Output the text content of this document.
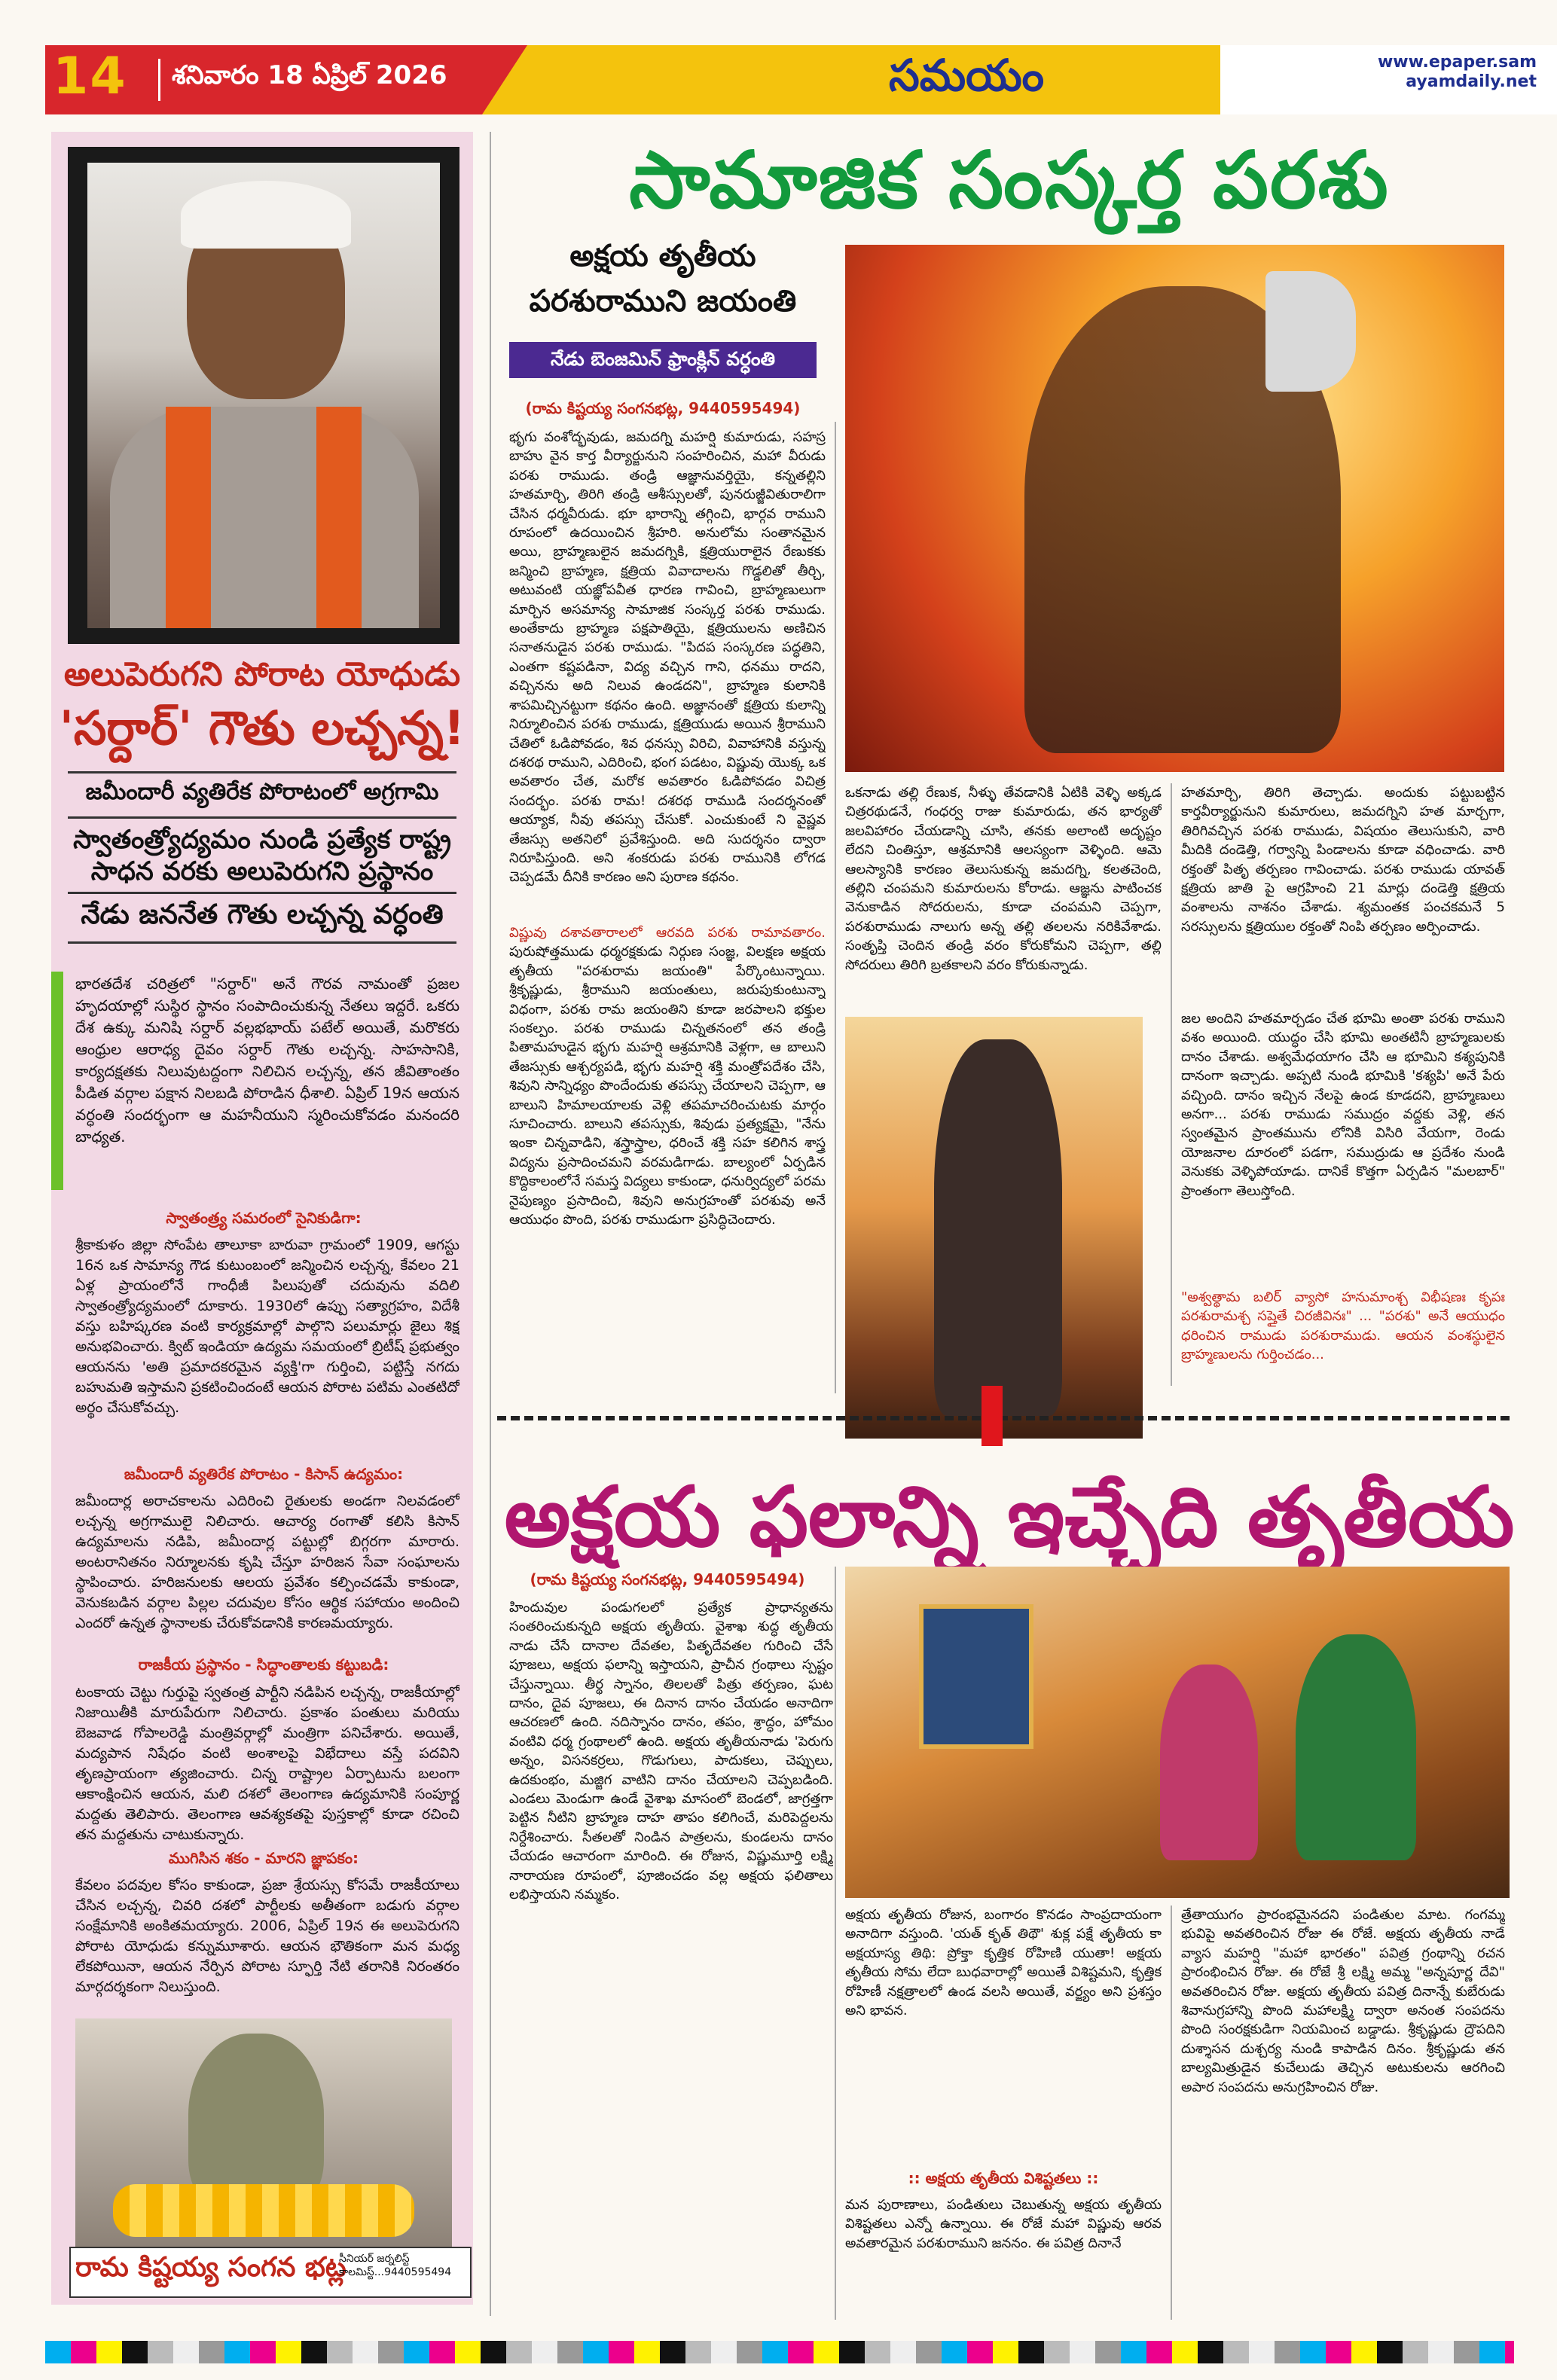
14 శనివారం 18 ఏప్రిల్ 2026	సమయం	www.epaper.sam
ayamdaily.net
అలుపెరుగని పోరాట యోధుడు
'సర్దార్' గౌతు లచ్చన్న!
జమీందారీ వ్యతిరేక పోరాటంలో అగ్రగామి
స్వాతంత్ర్యోద్యమం నుండి ప్రత్యేక రాష్ట్ర సాధన వరకు అలుపెరుగని ప్రస్థానం
నేడు జననేత గౌతు లచ్చన్న వర్ధంతి
భారతదేశ చరిత్రలో "సర్దార్" అనే గౌరవ నామంతో ప్రజల హృదయాల్లో సుస్థిర స్థానం సంపాదించుకున్న నేతలు ఇద్దరే. ఒకరు దేశ ఉక్కు మనిషి సర్దార్ వల్లభభాయ్ పటేల్ అయితే, మరొకరు ఆంధ్రుల ఆరాధ్య దైవం సర్దార్ గౌతు లచ్చన్న. సాహసానికి, కార్యదక్షతకు నిలువుటద్దంగా నిలిచిన లచ్చన్న, తన జీవితాంతం పీడిత వర్గాల పక్షాన నిలబడి పోరాడిన ధీశాలి. ఏప్రిల్ 19న ఆయన వర్ధంతి సందర్భంగా ఆ మహనీయుని స్మరించుకోవడం మనందరి బాధ్యత.
స్వాతంత్ర్య సమరంలో సైనికుడిగా:
శ్రీకాకుళం జిల్లా సోంపేట తాలూకా బారువా గ్రామంలో 1909, ఆగస్టు 16న ఒక సామాన్య గౌడ కుటుంబంలో జన్మించిన లచ్చన్న, కేవలం 21 ఏళ్ల ప్రాయంలోనే గాంధీజీ పిలుపుతో చదువును వదిలి స్వాతంత్ర్యోద్యమంలో దూకారు. 1930లో ఉప్పు సత్యాగ్రహం, విదేశీ వస్తు బహిష్కరణ వంటి కార్యక్రమాల్లో పాల్గొని పలుమార్లు జైలు శిక్ష అనుభవించారు. క్విట్ ఇండియా ఉద్యమ సమయంలో బ్రిటీష్ ప్రభుత్వం ఆయనను 'అతి ప్రమాదకరమైన వ్యక్తి'గా గుర్తించి, పట్టిస్తే నగదు బహుమతి ఇస్తామని ప్రకటించిందంటే ఆయన పోరాట పటిమ ఎంతటిదో అర్థం చేసుకోవచ్చు.
జమీందారీ వ్యతిరేక పోరాటం - కిసాన్ ఉద్యమం:
జమీందార్ల అరాచకాలను ఎదిరించి రైతులకు అండగా నిలవడంలో లచ్చన్న అగ్రగాములై నిలిచారు. ఆచార్య రంగాతో కలిసి కిసాన్ ఉద్యమాలను నడిపి, జమీందార్ల పట్టుల్లో బిగ్గరగా మారారు. అంటరానితనం నిర్మూలనకు కృషి చేస్తూ హరిజన సేవా సంఘాలను స్థాపించారు. హరిజనులకు ఆలయ ప్రవేశం కల్పించడమే కాకుండా, వెనుకబడిన వర్గాల పిల్లల చదువుల కోసం ఆర్థిక సహాయం అందించి ఎందరో ఉన్నత స్థానాలకు చేరుకోవడానికి కారణమయ్యారు.
రాజకీయ ప్రస్థానం - సిద్ధాంతాలకు కట్టుబడి:
టంకాయ చెట్టు గుర్తుపై స్వతంత్ర పార్టీని నడిపిన లచ్చన్న, రాజకీయాల్లో నిజాయితీకి మారుపేరుగా నిలిచారు. ప్రకాశం పంతులు మరియు బెజవాడ గోపాలరెడ్డి మంత్రివర్గాల్లో మంత్రిగా పనిచేశారు. అయితే, మద్యపాన నిషేధం వంటి అంశాలపై విభేదాలు వస్తే పదవిని తృణప్రాయంగా త్యజించారు. చిన్న రాష్ట్రాల ఏర్పాటును బలంగా ఆకాంక్షించిన ఆయన, మలి దశలో తెలంగాణ ఉద్యమానికి సంపూర్ణ మద్దతు తెలిపారు. తెలంగాణ ఆవశ్యకతపై పుస్తకాల్లో కూడా రచించి తన మద్దతును చాటుకున్నారు.
ముగిసిన శకం - మారని జ్ఞాపకం:
కేవలం పదవుల కోసం కాకుండా, ప్రజా శ్రేయస్సు కోసమే రాజకీయాలు చేసిన లచ్చన్న, చివరి దశలో పార్టీలకు అతీతంగా బడుగు వర్గాల సంక్షేమానికి అంకితమయ్యారు. 2006, ఏప్రిల్ 19న ఈ అలుపెరుగని పోరాట యోధుడు కన్నుమూశారు. ఆయన భౌతికంగా మన మధ్య లేకపోయినా, ఆయన నేర్పిన పోరాట స్ఫూర్తి నేటి తరానికి నిరంతరం మార్గదర్శకంగా నిలుస్తుంది.
రామ కిష్టయ్య సంగన భట్ల
సీనియర్ జర్నలిస్ట్
కాలమిస్ట్...9440595494
సామాజిక సంస్కర్త పరశు
అక్షయ తృతీయ
పరశురాముని జయంతి
నేడు బెంజమిన్ ఫ్రాంక్లిన్ వర్ధంతి
(రామ కిష్టయ్య సంగనభట్ల, 9440595494)
భృగు వంశోద్భవుడు, జమదగ్ని మహర్షి కుమారుడు, సహస్ర బాహు వైన కార్త వీర్యార్జునుని సంహరించిన, మహా వీరుడు పరశు రాముడు. తండ్రి ఆజ్ఞానువర్తియై, కన్నతల్లిని హతమార్చి, తిరిగి తండ్రి ఆశీస్సులతో, పునరుజ్జీవితురాలిగా చేసిన ధర్మవీరుడు. భూ భారాన్ని తగ్గించి, భార్గవ రాముని రూపంలో ఉదయించిన శ్రీహరి. అనులోమ సంతానమైన అయి, బ్రాహ్మణులైన జమదగ్నికి, క్షత్రియురాలైన రేణుకకు జన్మించి బ్రాహ్మణ, క్షత్రియ వివాదాలను గొడ్డలితో తీర్చి, అటువంటి యజ్ఞోపవీత ధారణ గావించి, బ్రాహ్మణులుగా మార్చిన అసమాన్య సామాజిక సంస్కర్త పరశు రాముడు. అంతేకాదు బ్రాహ్మణ పక్షపాతియై, క్షత్రియులను అణిచిన సనాతనుడైన పరశు రాముడు. "పిదప సంస్కరణ పద్ధతిని, ఎంతగా కష్టపడినా, విద్య వచ్చిన గాని, ధనము రాదని, వచ్చినను అది నిలువ ఉండదని", బ్రాహ్మణ కులానికి శాపమిచ్చినట్టుగా కథనం ఉంది. అజ్ఞానంతో క్షత్రియ కులాన్ని నిర్మూలించిన పరశు రాముడు, క్షత్రియుడు అయిన శ్రీరాముని చేతిలో ఓడిపోవడం, శివ ధనస్సు విరిచి, వివాహానికి వస్తున్న దశరథ రాముని, ఎదిరించి, భంగ పడటం, విష్ణువు యొక్క ఒక అవతారం చేత, మరోక అవతారం ఓడిపోవడం విచిత్ర సందర్భం. పరశు రామ! దశరథ రాముడి సందర్శనంతో ఆయ్యాక, నీవు తపస్సు చేసుకో. ఎంచుకుంటే ని వైష్ణవ తేజస్సు అతనిలో ప్రవేశిస్తుంది. అది సుదర్శనం ద్వారా నిరూపిస్తుంది. అని శంకరుడు పరశు రామునికి లోగడ చెప్పడమే దీనికి కారణం అని పురాణ కథనం.
విష్ణువు దశావతారాలలో ఆరవది పరశు రామావతారం. పురుషోత్తముడు ధర్మరక్షకుడు నిర్గుణ సంజ్ఞ, విలక్షణ అక్షయ తృతీయ "పరశురామ జయంతి" పేర్కొంటున్నాయి. శ్రీకృష్ణుడు, శ్రీరాముని జయంతులు, జరుపుకుంటున్నా విధంగా, పరశు రామ జయంతిని కూడా జరపాలని భక్తుల సంకల్పం. పరశు రాముడు చిన్నతనంలో తన తండ్రి పితామహుడైన భృగు మహర్షి ఆశ్రమానికి వెళ్లగా, ఆ బాలుని తేజస్సుకు ఆశ్చర్యపడి, భృగు మహర్షి శక్తి మంత్రోపదేశం చేసి, శివుని సాన్నిధ్యం పొందేందుకు తపస్సు చేయాలని చెప్పగా, ఆ బాలుని హిమాలయాలకు వెళ్లి తపమాచరించుటకు మార్గం సూచించారు. బాలుని తపస్సుకు, శివుడు ప్రత్యక్షమై, "నేను ఇంకా చిన్నవాడిని, శస్త్రాస్త్రాల, ధరించే శక్తి సహ కలిగిన శాస్త్ర విద్యను ప్రసాదించమని వరమడిగాడు. బాల్యంలో ఏర్పడిన కొద్దికాలంలోనే సమస్త విద్యలు కాకుండా, ధనుర్విద్యలో పరమ నైపుణ్యం ప్రసాదించి, శివుని అనుగ్రహంతో పరశువు అనే ఆయుధం పొంది, పరశు రాముడుగా ప్రసిద్ధిచెందారు.
ఒకనాడు తల్లి రేణుక, నీళ్ళు తేవడానికి ఏటికి వెళ్ళి అక్కడ చిత్రరథుడనే, గంధర్వ రాజు కుమారుడు, తన భార్యతో జలవిహారం చేయడాన్ని చూసి, తనకు అలాంటి అదృష్టం లేదని చింతిస్తూ, ఆశ్రమానికి ఆలస్యంగా వెళ్ళింది. ఆమె ఆలస్యానికి కారణం తెలుసుకున్న జమదగ్ని, కలతచెంది, తల్లిని చంపమని కుమారులను కోరాడు. ఆజ్ఞను పాటించక వెనుకాడిన సోదరులను, కూడా చంపమని చెప్పగా, పరశురాముడు నాలుగు అన్న తల్లి తలలను నరికివేశాడు. సంతృప్తి చెందిన తండ్రి వరం కోరుకోమని చెప్పగా, తల్లి సోదరులు తిరిగి బ్రతకాలని వరం కోరుకున్నాడు.
హతమార్చి, తిరిగి తెచ్చాడు. అందుకు పట్టుబట్టిన కార్తవీర్యార్జునుని కుమారులు, జమదగ్నిని హత మార్చగా, తిరిగివచ్చిన పరశు రాముడు, విషయం తెలుసుకుని, వారి మీదికి దండెత్తి, గర్వాన్ని పిండాలను కూడా వధించాడు. వారి రక్తంతో పితృ తర్పణం గావించాడు. పరశు రాముడు యావత్ క్షత్రియ జాతి పై ఆగ్రహించి 21 మార్లు దండెత్తి క్షత్రియ వంశాలను నాశనం చేశాడు. శ్యమంతక పంచకమనే 5 సరస్సులను క్షత్రియుల రక్తంతో నింపి తర్పణం అర్పించాడు.
జల అందిని హతమార్చడం చేత భూమి అంతా పరశు రాముని వశం అయింది. యుద్ధం చేసి భూమి అంతటినీ బ్రాహ్మణులకు దానం చేశాడు. అశ్వమేధయాగం చేసి ఆ భూమిని కశ్యపునికి దానంగా ఇచ్చాడు. అప్పటి నుండి భూమికి 'కశ్యపి' అనే పేరు వచ్చింది. దానం ఇచ్చిన నేలపై ఉండ కూడదని, బ్రాహ్మణులు అనగా... పరశు రాముడు సముద్రం వద్దకు వెళ్లి, తన స్వంతమైన ప్రాంతమును లోనికి విసిరి వేయగా, రెండు యోజనాల దూరంలో పడగా, సముద్రుడు ఆ ప్రదేశం నుండి వెనుకకు వెళ్ళిపోయాడు. దానికే కొత్తగా ఏర్పడిన "మలబార్" ప్రాంతంగా తెలుస్తోంది.
"అశ్వత్థామ బలిర్ వ్యాసో హనుమాంశ్చ విభీషణః కృపః పరశురామశ్చ సప్తైతే చిరజీవినః" ... "పరశు" అనే ఆయుధం ధరించిన రాముడు పరశురాముడు. ఆయన వంశస్థులైన బ్రాహ్మణులను గుర్తించడం...
అక్షయ ఫలాన్ని ఇచ్చేది తృతీయ
(రామ కిష్టయ్య సంగనభట్ల, 9440595494)
హిందువుల పండుగలలో ప్రత్యేక ప్రాధాన్యతను సంతరించుకున్నది అక్షయ తృతీయ. వైశాఖ శుద్ధ తృతీయ నాడు చేసే దానాల దేవతల, పితృదేవతల గురించి చేసే పూజలు, అక్షయ ఫలాన్ని ఇస్తాయని, ప్రాచీన గ్రంథాలు స్పష్టం చేస్తున్నాయి. తీర్థ స్నానం, తిలలతో పిత్రు తర్పణం, ఘట దానం, దైవ పూజలు, ఈ దినాన దానం చేయడం అనాదిగా ఆచరణలో ఉంది. నదిస్నానం దానం, తపం, శ్రాద్ధం, హోమం వంటివి ధర్మ గ్రంథాలలో ఉంది. అక్షయ తృతీయనాడు 'పెరుగు అన్నం, విసనకర్రలు, గొడుగులు, పాదుకలు, చెప్పులు, ఉదకుంభం, మజ్జిగ వాటిని దానం చేయాలని చెప్పబడింది. ఎండలు మెండుగా ఉండే వైశాఖ మాసంలో బెండలో, జాగ్రత్తగా పెట్టిన నీటిని బ్రాహ్మణ దాహ తాపం కలిగించే, మరిపెద్దలను నిర్దేశించారు. సీతలతో నిండిన పాత్రలను, కుండలను దానం చేయడం ఆచారంగా మారింది. ఈ రోజున, విష్ణుమూర్తి లక్ష్మి నారాయణ రూపంలో, పూజించడం వల్ల అక్షయ ఫలితాలు లభిస్తాయని నమ్మకం.
అక్షయ తృతీయ రోజున, బంగారం కొనడం సాంప్రదాయంగా అనాదిగా వస్తుంది. 'యత్ కృత్ తిథౌ' శుక్ల పక్షే తృతీయ కా అక్షయాస్య తిథి: ప్రోక్తా కృత్తిక రోహిణి యుతా! అక్షయ తృతీయ సోమ లేదా బుధవారాల్లో అయితే విశిష్టమని, కృత్తిక రోహిణీ నక్షత్రాలలో ఉండ వలసి అయితే, వర్జ్యం అని ప్రశస్తం అని భావన.
:: అక్షయ తృతీయ విశిష్టతలు ::
మన పురాణాలు, పండితులు చెబుతున్న అక్షయ తృతీయ విశిష్టతలు ఎన్నో ఉన్నాయి. ఈ రోజే మహా విష్ణువు ఆరవ అవతారమైన పరశురాముని జననం. ఈ పవిత్ర దినానే
త్రేతాయుగం ప్రారంభమైనదని పండితుల మాట. గంగమ్మ భువిపై అవతరించిన రోజు ఈ రోజే. అక్షయ తృతీయ నాడే వ్యాస మహర్షి "మహా భారతం" పవిత్ర గ్రంథాన్ని రచన ప్రారంభించిన రోజు. ఈ రోజే శ్రీ లక్ష్మి అమ్మ "అన్నపూర్ణ దేవి" అవతరించిన రోజు. అక్షయ తృతీయ పవిత్ర దినాన్నే కుబేరుడు శివానుగ్రహాన్ని పొంది మహాలక్ష్మి ద్వారా అనంత సంపదను పొంది సంరక్షకుడిగా నియమించ బడ్డాడు. శ్రీకృష్ణుడు ద్రౌపదిని దుశ్శాసన దుశ్చర్య నుండి కాపాడిన దినం. శ్రీకృష్ణుడు తన బాల్యమిత్రుడైన కుచేలుడు తెచ్చిన అటుకులను ఆరగించి అపార సంపదను అనుగ్రహించిన రోజు.
